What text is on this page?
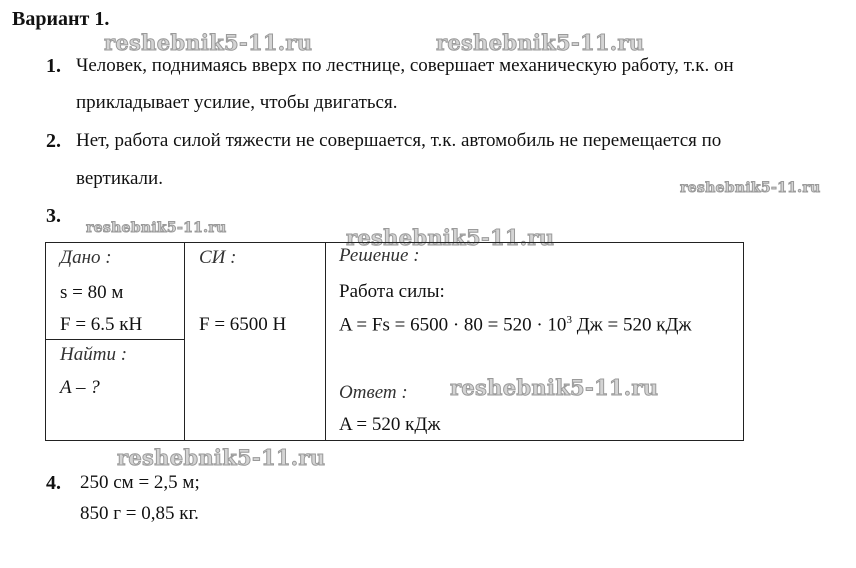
Вариант 1.
reshebnik5-11.ru	reshebnik5-11.ru
reshebnik5-11.ru
reshebnik5-11.ru	reshebnik5-11.ru
1. Человек, поднимаясь вверх по лестнице, совершает механическую работу, т.к. он
прикладывает усилие, чтобы двигаться.
2. Нет, работа силой тяжести не совершается, т.к. автомобиль не перемещается по
вертикали.
3.

Дано :
s = 80 м
F = 6.5 кН
Найти :
A – ?
СИ :
F = 6500 Н
Решение :
Работа силы:
$A = Fs = 6500 \cdot 80 = 520 \cdot 10^3$ Дж = 520 кДж
Ответ :
A = 520 кДж
reshebnik5-11.ru
reshebnik5-11.ru
4. 250 см = 2,5 м;
850 г = 0,85 кг.
